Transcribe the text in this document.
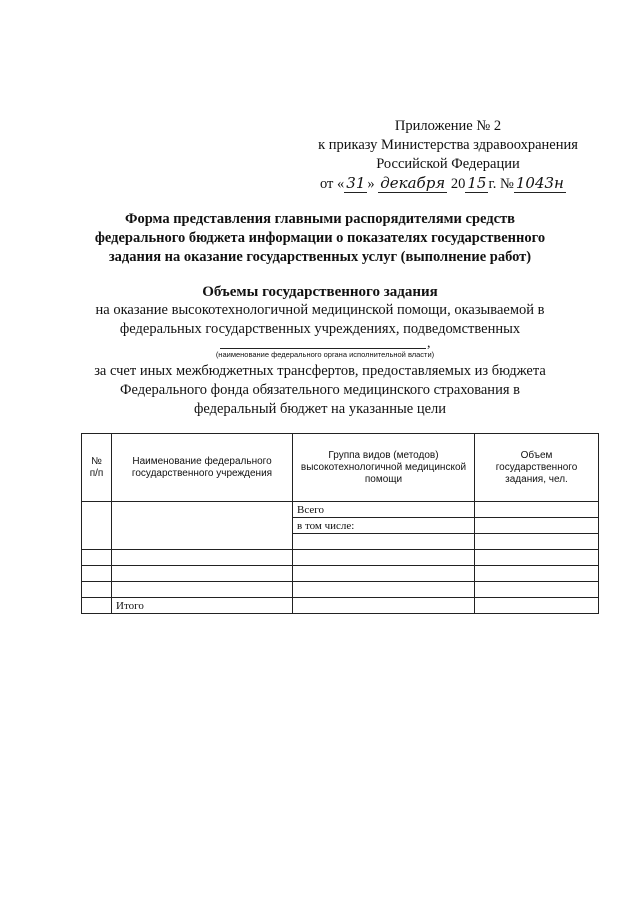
Приложение № 2
к приказу Министерства здравоохранения
Российской Федерации
от « 31 » декабря 20 15 г. № 1043н
Форма представления главными распорядителями средств
федерального бюджета информации о показателях государственного
задания на оказание государственных услуг (выполнение работ)
Объемы государственного задания
на оказание высокотехнологичной медицинской помощи, оказываемой в
федеральных государственных учреждениях, подведомственных
,
(наименование федерального органа исполнительной власти)
за счет иных межбюджетных трансфертов, предоставляемых из бюджета
Федерального фонда обязательного медицинского страхования в
федеральный бюджет на указанные цели
№ п/п	Наименование федерального государственного учреждения	Группа видов (методов) высокотехнологичной медицинской помощи	Объем государственного задания, чел.
		Всего	
		в том числе:	

	Итого		
